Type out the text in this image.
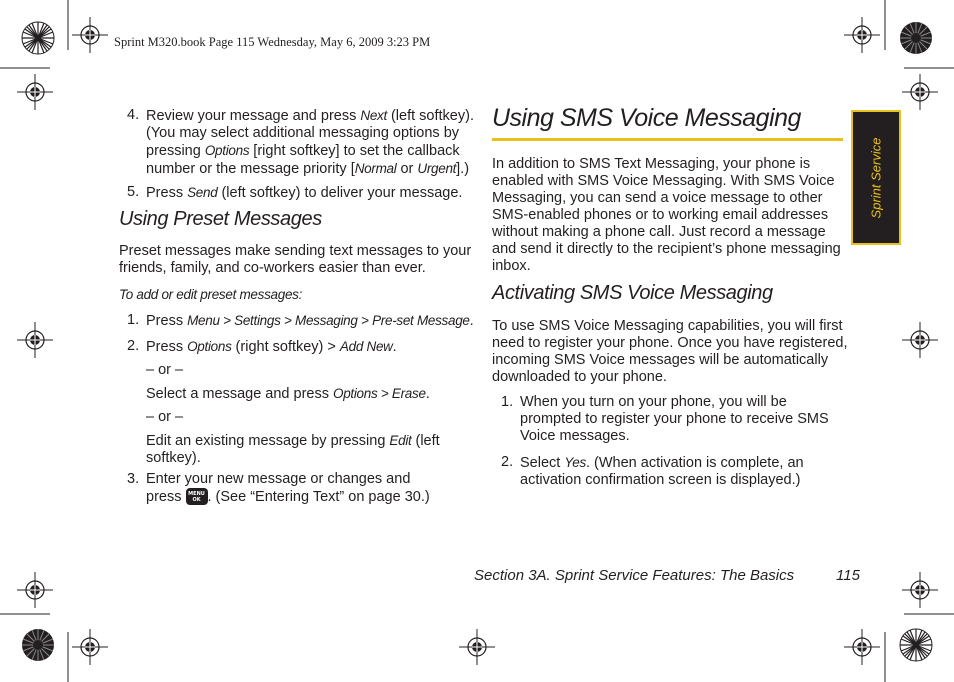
Sprint M320.book Page 115 Wednesday, May 6, 2009 3:23 PM
Sprint Service
4. Review your message and press Next (left softkey).
(You may select additional messaging options by
pressing Options [right softkey] to set the callback
number or the message priority [Normal or Urgent].)
5. Press Send (left softkey) to deliver your message.
Using Preset Messages
Preset messages make sending text messages to your
friends, family, and co-workers easier than ever.
To add or edit preset messages:
1. Press Menu > Settings > Messaging > Pre-set Message.
2. Press Options (right softkey) > Add New.
– or –
Select a message and press Options > Erase.
– or –
Edit an existing message by pressing Edit (left
softkey).
3. Enter your new message or changes and
press MENU
OK . (See “Entering Text” on page 30.)
Using SMS Voice Messaging
In addition to SMS Text Messaging, your phone is
enabled with SMS Voice Messaging. With SMS Voice
Messaging, you can send a voice message to other
SMS-enabled phones or to working email addresses
without making a phone call. Just record a message
and send it directly to the recipient’s phone messaging
inbox.
Activating SMS Voice Messaging
To use SMS Voice Messaging capabilities, you will first
need to register your phone. Once you have registered,
incoming SMS Voice messages will be automatically
downloaded to your phone.
1. When you turn on your phone, you will be
prompted to register your phone to receive SMS
Voice messages.
2. Select Yes. (When activation is complete, an
activation confirmation screen is displayed.)
Section 3A. Sprint Service Features: The Basics	115
